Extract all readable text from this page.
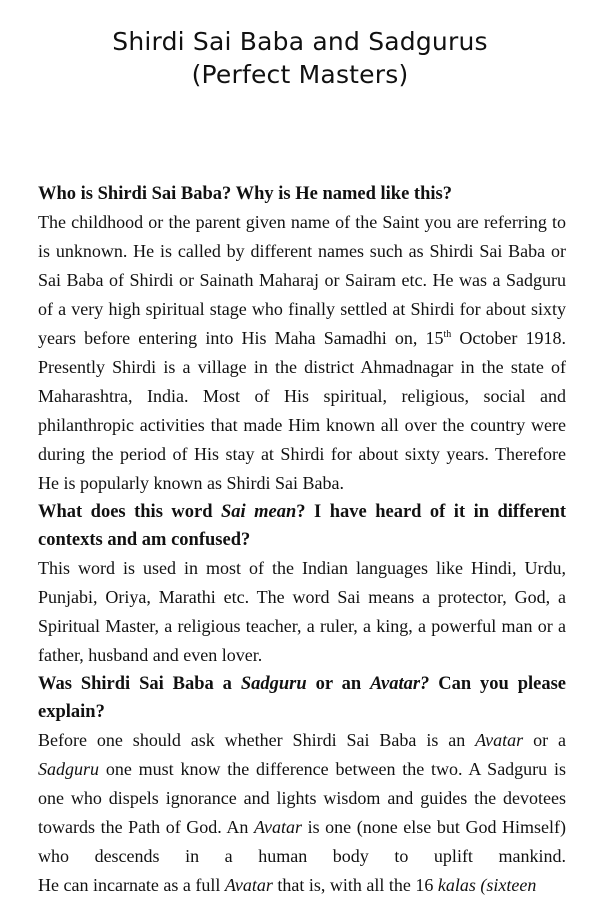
Shirdi Sai Baba and Sadgurus
(Perfect Masters)

Who is Shirdi Sai Baba? Why is He named like this?

The childhood or the parent given name of the Saint you are referring to is unknown. He is called by different names such as Shirdi Sai Baba or Sai Baba of Shirdi or Sainath Maharaj or Sairam etc. He was a Sadguru of a very high spiritual stage who finally settled at Shirdi for about sixty years before entering into His Maha Samadhi on, 15th October 1918. Presently Shirdi is a village in the district Ahmadnagar in the state of Maharashtra, India. Most of His spiritual, religious, social and philanthropic activities that made Him known all over the country were during the period of His stay at Shirdi for about sixty years. Therefore He is popularly known as Shirdi Sai Baba.

What does this word Sai mean? I have heard of it in different contexts and am confused?

This word is used in most of the Indian languages like Hindi, Urdu, Punjabi, Oriya, Marathi etc. The word Sai means a protector, God, a Spiritual Master, a religious teacher, a ruler, a king, a powerful man or a father, husband and even lover.

Was Shirdi Sai Baba a Sadguru or an Avatar? Can you please explain?

Before one should ask whether Shirdi Sai Baba is an Avatar or a Sadguru one must know the difference between the two. A Sadguru is one who dispels ignorance and lights wisdom and guides the devotees towards the Path of God. An Avatar is one (none else but God Himself) who descends in a human body to uplift mankind. He can incarnate as a full Avatar that is, with all the 16 kalas (sixteen
